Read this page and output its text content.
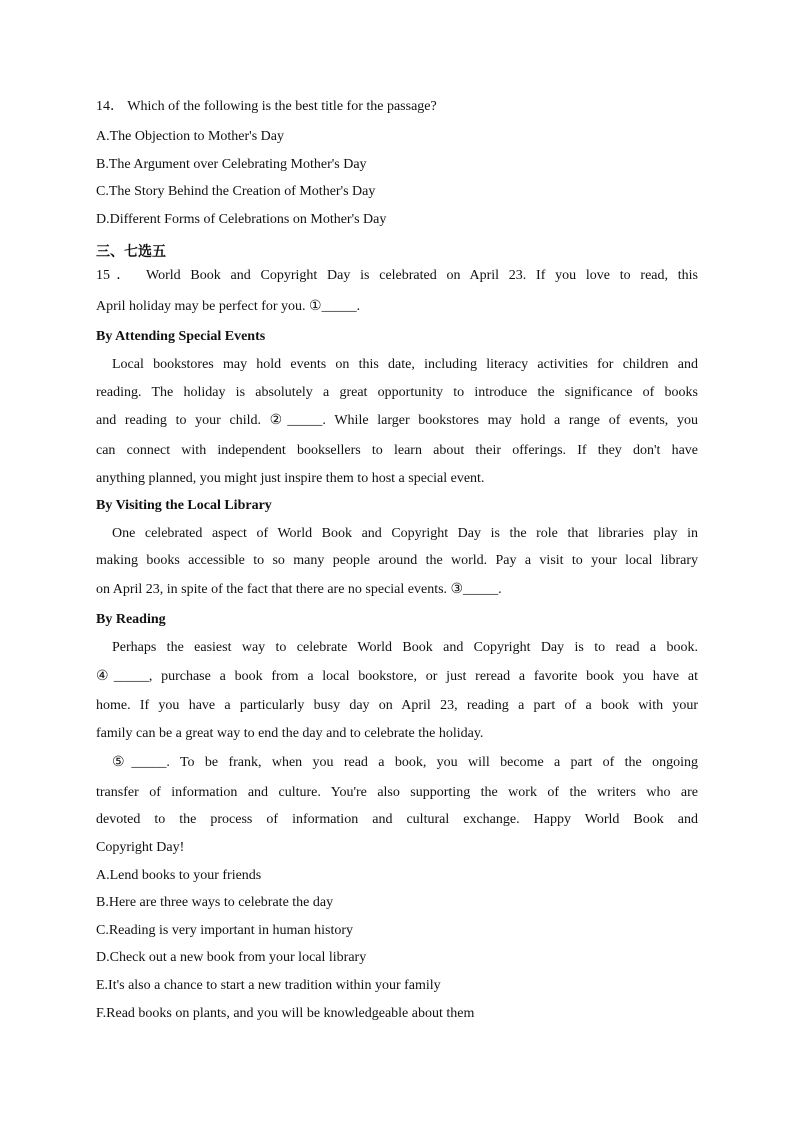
14． Which of the following is the best title for the passage?
A.The Objection to Mother's Day
B.The Argument over Celebrating Mother's Day
C.The Story Behind the Creation of Mother's Day
D.Different Forms of Celebrations on Mother's Day
三、七选五
15． World Book and Copyright Day is celebrated on April 23. If you love to read, this
April holiday may be perfect for you. ①_____.
By Attending Special Events
Local bookstores may hold events on this date, including literacy activities for children and
reading. The holiday is absolutely a great opportunity to introduce the significance of books
and reading to your child. ②_____. While larger bookstores may hold a range of events, you
can connect with independent booksellers to learn about their offerings. If they don't have
anything planned, you might just inspire them to host a special event.
By Visiting the Local Library
One celebrated aspect of World Book and Copyright Day is the role that libraries play in
making books accessible to so many people around the world. Pay a visit to your local library
on April 23, in spite of the fact that there are no special events. ③_____.
By Reading
Perhaps the easiest way to celebrate World Book and Copyright Day is to read a book.
④_____, purchase a book from a local bookstore, or just reread a favorite book you have at
home. If you have a particularly busy day on April 23, reading a part of a book with your
family can be a great way to end the day and to celebrate the holiday.
⑤_____. To be frank, when you read a book, you will become a part of the ongoing
transfer of information and culture. You're also supporting the work of the writers who are
devoted to the process of information and cultural exchange. Happy World Book and
Copyright Day!
A.Lend books to your friends
B.Here are three ways to celebrate the day
C.Reading is very important in human history
D.Check out a new book from your local library
E.It's also a chance to start a new tradition within your family
F.Read books on plants, and you will be knowledgeable about them
